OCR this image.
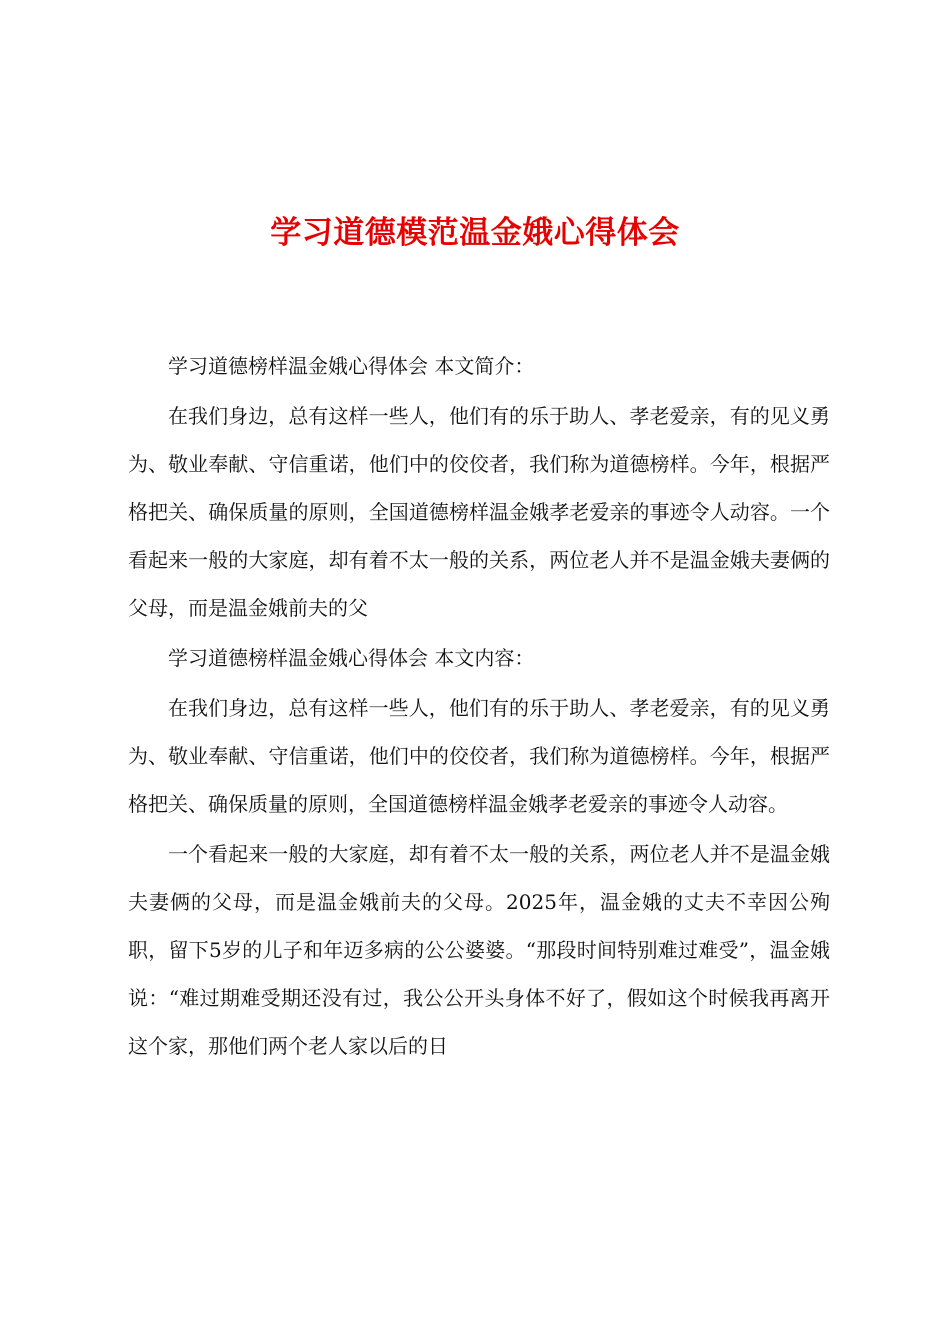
学习道德模范温金娥心得体会

学习道德榜样温金娥心得体会 本文简介：

在我们身边，总有这样一些人，他们有的乐于助人、孝老爱亲，有的见义勇为、敬业奉献、守信重诺，他们中的佼佼者，我们称为道德榜样。今年，根据严格把关、确保质量的原则，全国道德榜样温金娥孝老爱亲的事迹令人动容。一个看起来一般的大家庭，却有着不太一般的关系，两位老人并不是温金娥夫妻俩的父母，而是温金娥前夫的父

学习道德榜样温金娥心得体会 本文内容：

在我们身边，总有这样一些人，他们有的乐于助人、孝老爱亲，有的见义勇为、敬业奉献、守信重诺，他们中的佼佼者，我们称为道德榜样。今年，根据严格把关、确保质量的原则，全国道德榜样温金娥孝老爱亲的事迹令人动容。

一个看起来一般的大家庭，却有着不太一般的关系，两位老人并不是温金娥夫妻俩的父母，而是温金娥前夫的父母。2025年，温金娥的丈夫不幸因公殉职，留下5岁的儿子和年迈多病的公公婆婆。“那段时间特别难过难受”，温金娥说：“难过期难受期还没有过，我公公开头身体不好了，假如这个时候我再离开这个家，那他们两个老人家以后的日
